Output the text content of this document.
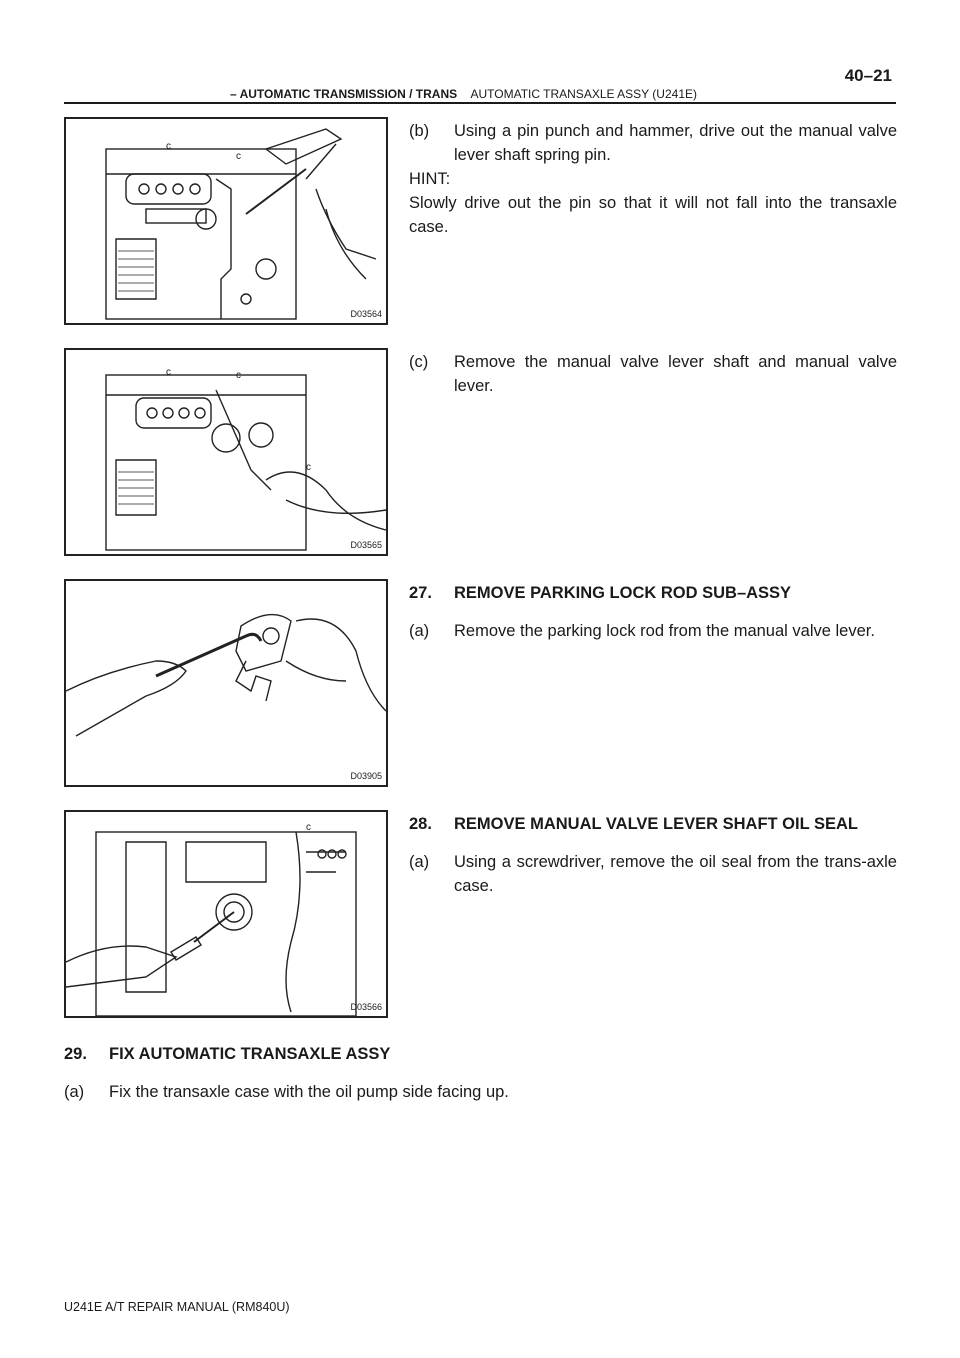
40–21
– AUTOMATIC TRANSMISSION / TRANS AUTOMATIC TRANSAXLE ASSY (U241E)
c
c
D03564
c	c
c
D03565
D03905
c
D03566
(b) Using a pin punch and hammer, drive out the manual valve lever shaft spring pin.
HINT:
Slowly drive out the pin so that it will not fall into the transaxle case.
(c) Remove the manual valve lever shaft and manual valve lever.
27. REMOVE PARKING LOCK ROD SUB–ASSY
(a) Remove the parking lock rod from the manual valve lever.
28. REMOVE MANUAL VALVE LEVER SHAFT OIL SEAL
(a) Using a screwdriver, remove the oil seal from the trans-axle case.
29. FIX AUTOMATIC TRANSAXLE ASSY
(a) Fix the transaxle case with the oil pump side facing up.
U241E A/T REPAIR MANUAL (RM840U)
